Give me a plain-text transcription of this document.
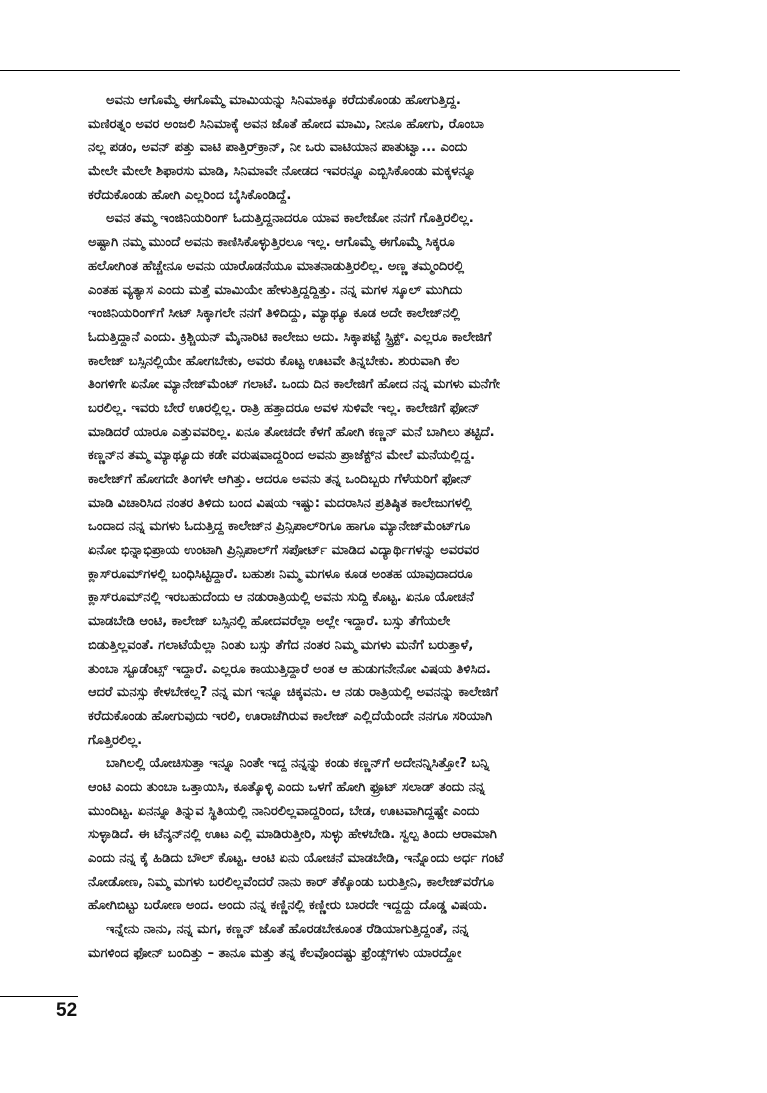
ಅವನು ಆಗೊಮ್ಮೆ ಈಗೊಮ್ಮೆ ಮಾಮಿಯನ್ನು ಸಿನಿಮಾಕ್ಕೂ ಕರೆದುಕೊಂಡು ಹೋಗುತ್ತಿದ್ದ.
ಮಣಿರತ್ನಂ ಅವರ ಅಂಜಲಿ ಸಿನಿಮಾಕ್ಕೆ ಅವನ ಜೊತೆ ಹೋದ ಮಾಮಿ, ನೀನೂ ಹೋಗು, ರೊಂಬಾ
ನಲ್ಲ ಪಡಂ, ಅವನ್ ಪತ್ತು ವಾಟಿ ಪಾತ್ತಿರ್‌ಕ್ರಾನ್, ನೀ ಒರು ವಾಟಿಯಾನ ಪಾತುಟ್ವಾ... ಎಂದು
ಮೇಲೇ ಮೇಲೇ ಶಿಫಾರಸು ಮಾಡಿ, ಸಿನಿಮಾವೇ ನೋಡದ ಇವರನ್ನೂ ಎಬ್ಬಿಸಿಕೊಂಡು ಮಕ್ಕಳನ್ನೂ
ಕರೆದುಕೊಂಡು ಹೋಗಿ ಎಲ್ಲರಿಂದ ಬೈಸಿಕೊಂಡಿದ್ದೆ.
ಅವನ ತಮ್ಮ ಇಂಜಿನಿಯರಿಂಗ್ ಓದುತ್ತಿದ್ದನಾದರೂ ಯಾವ ಕಾಲೇಜೋ ನನಗೆ ಗೊತ್ತಿರಲಿಲ್ಲ.
ಅಷ್ಟಾಗಿ ನಮ್ಮ ಮುಂದೆ ಅವನು ಕಾಣಿಸಿಕೊಳ್ಳುತ್ತಿರಲೂ ಇಲ್ಲ. ಆಗೊಮ್ಮೆ ಈಗೊಮ್ಮೆ ಸಿಕ್ಕರೂ
ಹಲೋಗಿಂತ ಹೆಚ್ಚೇನೂ ಅವನು ಯಾರೊಡನೆಯೂ ಮಾತನಾಡುತ್ತಿರಲಿಲ್ಲ. ಅಣ್ಣ ತಮ್ಮಂದಿರಲ್ಲಿ
ಎಂತಹ ವ್ಯತ್ಯಾಸ ಎಂದು ಮತ್ತೆ ಮಾಮಿಯೇ ಹೇಳುತ್ತಿದ್ದದ್ದಿತ್ತು. ನನ್ನ ಮಗಳ ಸ್ಕೂಲ್ ಮುಗಿದು
ಇಂಜಿನಿಯರಿಂಗ್‌ಗೆ ಸೀಟ್ ಸಿಕ್ಕಾಗಲೇ ನನಗೆ ತಿಳಿದಿದ್ದು, ಮ್ಯಾಥ್ಯೂ ಕೂಡ ಅದೇ ಕಾಲೇಜ್‌ನಲ್ಲಿ
ಓದುತ್ತಿದ್ದಾನೆ ಎಂದು. ಕ್ರಿಶ್ಚಿಯನ್ ಮೈನಾರಿಟಿ ಕಾಲೇಜು ಅದು. ಸಿಕ್ಕಾಪಟ್ಟೆ ಸ್ಟ್ರಿಕ್ಟ್. ಎಲ್ಲರೂ ಕಾಲೇಜಿಗೆ
ಕಾಲೇಜ್ ಬಸ್ಸಿನಲ್ಲಿಯೇ ಹೋಗಬೇಕು, ಅವರು ಕೊಟ್ಟ ಊಟವೇ ತಿನ್ನಬೇಕು. ಶುರುವಾಗಿ ಕೆಲ
ತಿಂಗಳಿಗೇ ಏನೋ ಮ್ಯಾನೇಜ್‌ಮೆಂಟ್ ಗಲಾಟೆ. ಒಂದು ದಿನ ಕಾಲೇಜಿಗೆ ಹೋದ ನನ್ನ ಮಗಳು ಮನೆಗೇ
ಬರಲಿಲ್ಲ. ಇವರು ಬೇರೆ ಊರಲ್ಲಿಲ್ಲ. ರಾತ್ರಿ ಹತ್ತಾದರೂ ಅವಳ ಸುಳಿವೇ ಇಲ್ಲ. ಕಾಲೇಜಿಗೆ ಫೋನ್
ಮಾಡಿದರೆ ಯಾರೂ ಎತ್ತುವವರಿಲ್ಲ. ಏನೂ ತೋಚದೇ ಕೆಳಗೆ ಹೋಗಿ ಕಣ್ಣನ್ ಮನೆ ಬಾಗಿಲು ತಟ್ಟಿದೆ.
ಕಣ್ಣನ್‌ನ ತಮ್ಮ ಮ್ಯಾಥ್ಯೂದು ಕಡೇ ವರುಷವಾದ್ದರಿಂದ ಅವನು ಪ್ರಾಜೆಕ್ಟ್‌ನ ಮೇಲೆ ಮನೆಯಲ್ಲಿದ್ದ.
ಕಾಲೇಜ್‌ಗೆ ಹೋಗದೇ ತಿಂಗಳೇ ಆಗಿತ್ತು. ಆದರೂ ಅವನು ತನ್ನ ಒಂದಿಬ್ಬರು ಗೆಳೆಯರಿಗೆ ಫೋನ್
ಮಾಡಿ ವಿಚಾರಿಸಿದ ನಂತರ ತಿಳಿದು ಬಂದ ವಿಷಯ ಇಷ್ಟು: ಮದರಾಸಿನ ಪ್ರತಿಷ್ಠಿತ ಕಾಲೇಜುಗಳಲ್ಲಿ
ಒಂದಾದ ನನ್ನ ಮಗಳು ಓದುತ್ತಿದ್ದ ಕಾಲೇಜ್‌ನ ಪ್ರಿನ್ಸಿಪಾಲ್‌ರಿಗೂ ಹಾಗೂ ಮ್ಯಾನೇಜ್‌ಮೆಂಟ್‌ಗೂ
ಏನೋ ಭಿನ್ನಾಭಿಪ್ರಾಯ ಉಂಟಾಗಿ ಪ್ರಿನ್ಸಿಪಾಲ್‌ಗೆ ಸಪೋರ್ಟ್ ಮಾಡಿದ ವಿದ್ಯಾರ್ಥಿಗಳನ್ನು ಅವರವರ
ಕ್ಲಾಸ್‌ರೂಮ್‌ಗಳಲ್ಲಿ ಬಂಧಿಸಿಟ್ಟಿದ್ದಾರೆ. ಬಹುಶಃ ನಿಮ್ಮ ಮಗಳೂ ಕೂಡ ಅಂತಹ ಯಾವುದಾದರೂ
ಕ್ಲಾಸ್‌ರೂಮ್‌ನಲ್ಲಿ ಇರಬಹುದೆಂದು ಆ ನಡುರಾತ್ರಿಯಲ್ಲಿ ಅವನು ಸುದ್ದಿ ಕೊಟ್ಟ. ಏನೂ ಯೋಚನೆ
ಮಾಡಬೇಡಿ ಆಂಟಿ, ಕಾಲೇಜ್ ಬಸ್ಸಿನಲ್ಲಿ ಹೋದವರೆಲ್ಲಾ ಅಲ್ಲೇ ಇದ್ದಾರೆ. ಬಸ್ಸು ತೆಗೆಯಲೇ
ಬಿಡುತ್ತಿಲ್ಲವಂತೆ. ಗಲಾಟೆಯೆಲ್ಲಾ ನಿಂತು ಬಸ್ಸು ತೆಗೆದ ನಂತರ ನಿಮ್ಮ ಮಗಳು ಮನೆಗೆ ಬರುತ್ತಾಳೆ,
ತುಂಬಾ ಸ್ಟೂಡೆಂಟ್ಸ್ ಇದ್ದಾರೆ. ಎಲ್ಲರೂ ಕಾಯುತ್ತಿದ್ದಾರೆ ಅಂತ ಆ ಹುಡುಗನೇನೋ ವಿಷಯ ತಿಳಿಸಿದ.
ಆದರೆ ಮನಸ್ಸು ಕೇಳಬೇಕಲ್ಲ? ನನ್ನ ಮಗ ಇನ್ನೂ ಚಿಕ್ಕವನು. ಆ ನಡು ರಾತ್ರಿಯಲ್ಲಿ ಅವನನ್ನು ಕಾಲೇಜಿಗೆ
ಕರೆದುಕೊಂಡು ಹೋಗುವುದು ಇರಲಿ, ಊರಾಚೆಗಿರುವ ಕಾಲೇಜ್ ಎಲ್ಲಿದೆಯೆಂದೇ ನನಗೂ ಸರಿಯಾಗಿ
ಗೊತ್ತಿರಲಿಲ್ಲ.
ಬಾಗಿಲಲ್ಲಿ ಯೋಚಿಸುತ್ತಾ ಇನ್ನೂ ನಿಂತೇ ಇದ್ದ ನನ್ನನ್ನು ಕಂಡು ಕಣ್ಣನ್‌ಗೆ ಅದೇನನ್ನಿಸಿತ್ತೋ? ಬನ್ನಿ
ಆಂಟಿ ಎಂದು ತುಂಬಾ ಒತ್ತಾಯಿಸಿ, ಕೂತ್ಕೊಳ್ಳಿ ಎಂದು ಒಳಗೆ ಹೋಗಿ ಫ್ರೂಟ್ ಸಲಾಡ್ ತಂದು ನನ್ನ
ಮುಂದಿಟ್ಟ. ಏನನ್ನೂ ತಿನ್ನುವ ಸ್ಥಿತಿಯಲ್ಲಿ ನಾನಿರಲಿಲ್ಲವಾದ್ದರಿಂದ, ಬೇಡ, ಊಟವಾಗಿದ್ದಷ್ಟೇ ಎಂದು
ಸುಳ್ಳಾಡಿದೆ. ಈ ಟೆನ್ಶನ್‌ನಲ್ಲಿ ಊಟ ಎಲ್ಲಿ ಮಾಡಿರುತ್ತೀರಿ, ಸುಳ್ಳು ಹೇಳಬೇಡಿ. ಸ್ವಲ್ಪ ತಿಂದು ಆರಾಮಾಗಿ
ಎಂದು ನನ್ನ ಕೈ ಹಿಡಿದು ಬೌಲ್ ಕೊಟ್ಟ. ಆಂಟಿ ಏನು ಯೋಚನೆ ಮಾಡಬೇಡಿ, ಇನ್ನೊಂದು ಅರ್ಧ ಗಂಟೆ
ನೋಡೋಣ, ನಿಮ್ಮ ಮಗಳು ಬರಲಿಲ್ಲವೆಂದರೆ ನಾನು ಕಾರ್ ತೆಕ್ಕೊಂಡು ಬರುತ್ತೀನಿ, ಕಾಲೇಜ್‌ವರೆಗೂ
ಹೋಗಿಬಿಟ್ಟು ಬರೋಣ ಅಂದ. ಅಂದು ನನ್ನ ಕಣ್ಣಿನಲ್ಲಿ ಕಣ್ಣೀರು ಬಾರದೇ ಇದ್ದದ್ದು ದೊಡ್ಡ ವಿಷಯ.
ಇನ್ನೇನು ನಾನು, ನನ್ನ ಮಗ, ಕಣ್ಣನ್ ಜೊತೆ ಹೊರಡಬೇಕೂಂತ ರೆಡಿಯಾಗುತ್ತಿದ್ದಂತೆ, ನನ್ನ
ಮಗಳಿಂದ ಫೋನ್ ಬಂದಿತ್ತು – ತಾನೂ ಮತ್ತು ತನ್ನ ಕೆಲವೊಂದಷ್ಟು ಫ್ರೆಂಡ್ಸ್‌ಗಳು ಯಾರದ್ದೋ
52
